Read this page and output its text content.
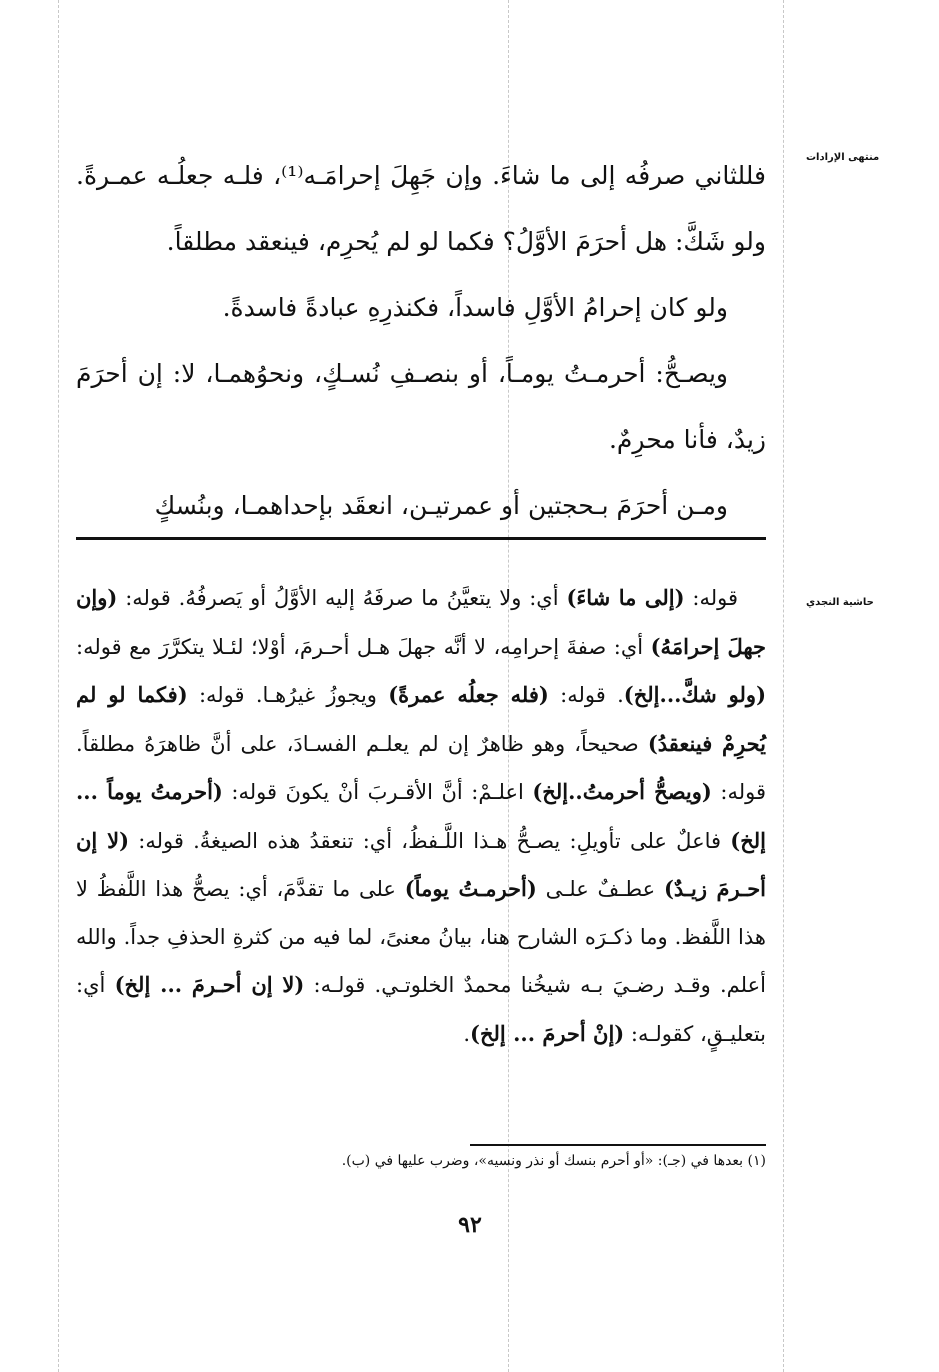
منتهى الإرادات
حاشية النجدي

فللثاني صرفُه إلى ما شاءَ. وإن جَهِلَ إحرامَـه⁽¹⁾، فلـه جعلُـه عمـرةً. ولو شَكَّ: هل أحرَمَ الأوَّلُ؟ فكما لو لم يُحرِم، فينعقد مطلقاً.

ولو كان إحرامُ الأوَّلِ فاسداً، فكنذرِهِ عبادةً فاسدةً.

ويصـحُّ: أحرمـتُ يومـاً، أو بنصـفِ نُسـكٍ، ونحوُهمـا، لا: إن أحرَمَ زيدٌ، فأنا محرِمٌ.

ومـن أحرَمَ بـحجتين أو عمرتيـن، انعقَد بإحداهمـا، وبنُسكٍ

قوله: (إلى ما شاءَ) أي: ولا يتعيَّنُ ما صرفَهُ إليه الأوَّلُ أو يَصرفُهُ. قوله: (وإن جهلَ إحرامَهُ) أي: صفةَ إحرامِه، لا أنَّه جهلَ هـل أحـرمَ، أوْلا؛ لئـلا يتكرَّرَ مع قوله: (ولو شكَّ...إلخ). قوله: (فله جعلُه عمرةً) ويجوزُ غيرُهـا. قوله: (فكما لو لم يُحرِمْ فينعقدُ) صحيحاً، وهو ظاهرٌ إن لم يعلـم الفسـادَ، على أنَّ ظاهرَهُ مطلقاً. قوله: (ويصحُّ أحرمتُ..إلخ) اعلـمْ: أنَّ الأقـربَ أنْ يكونَ قوله: (أحرمتُ يوماً ... إلخ) فاعلٌ على تأويلِ: يصـحُّ هـذا اللَّـفظُ، أي: تنعقدُ هذه الصيغةُ. قوله: (لا إن أحـرمَ زيـدٌ) عطـفٌ علـى (أحرمـتُ يوماً) على ما تقدَّمَ، أي: يصحُّ هذا اللَّفظُ لا هذا اللَّفظ. وما ذكـرَه الشارح هنا، بيانُ معنىً، لما فيه من كثرةِ الحذفِ جداً. والله أعلم. وقـد رضـيَ بـه شيخُنا محمدٌ الخلوتـي. قولـه: (لا إن أحـرمَ ... إلخ) أي: بتعليـقٍ، كقولـه: (إنْ أحرمَ ... إلخ).

(١) بعدها في (جـ): «أو أحرم بنسك أو نذر ونسيه»، وضرب عليها في (ب).

٩٢
